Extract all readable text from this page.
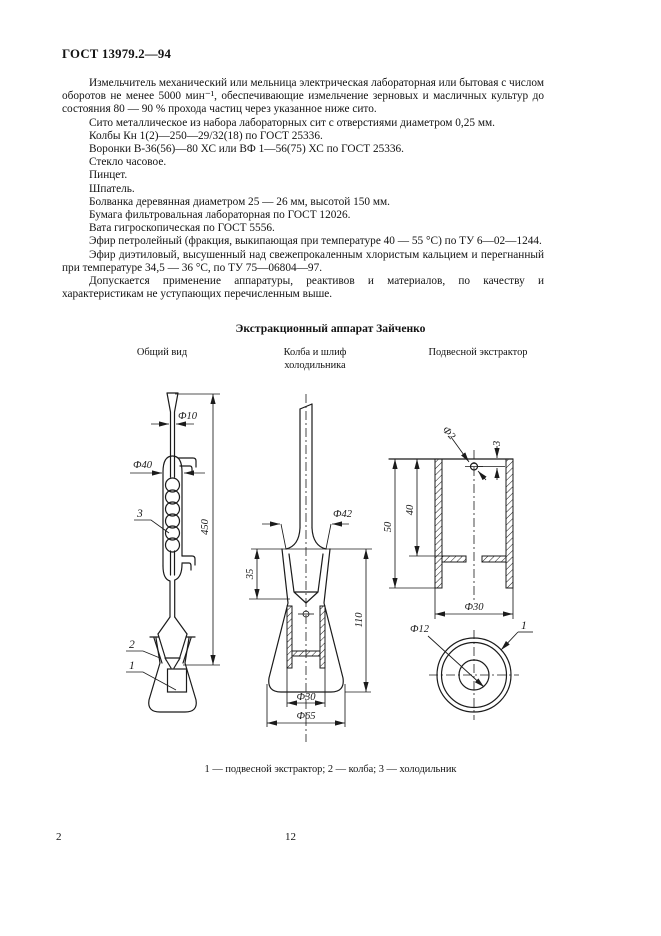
ГОСТ 13979.2—94

Измельчитель механический или мельница электрическая лабораторная или бытовая с числом оборотов не менее 5000 мин⁻¹, обеспечивающие измельчение зерновых и масличных культур до состояния 80 — 90 % прохода частиц через указанное ниже сито.

Сито металлическое из набора лабораторных сит с отверстиями диаметром 0,25 мм.

Колбы Кн 1(2)—250—29/32(18) по ГОСТ 25336.

Воронки В-36(56)—80 ХС или ВФ 1—56(75) ХС по ГОСТ 25336.

Стекло часовое.

Пинцет.

Шпатель.

Болванка деревянная диаметром 25 — 26 мм, высотой 150 мм.

Бумага фильтровальная лабораторная по ГОСТ 12026.

Вата гигроскопическая по ГОСТ 5556.

Эфир петролейный (фракция, выкипающая при температуре 40 — 55 °С) по ТУ 6—02—1244.

Эфир диэтиловый, высушенный над свежепрокаленным хлористым кальцием и перегнанный при температуре 34,5 — 36 °С, по ТУ 75—06804—97.

Допускается применение аппаратуры, реактивов и материалов, по качеству и характеристикам не уступающих перечисленным выше.

Экстракционный аппарат Зайченко
Общий вид	Колба и шлиф холодильника
Подвесной экстрактор
Ф10
Ф40
450
3
2
1
Ф42
35
110
Ф30
Ф65
Ф2
3
40
50
Ф30
Ф12	1
1 — подвесной экстрактор; 2 — колба; 3 — холодильник
2	12
